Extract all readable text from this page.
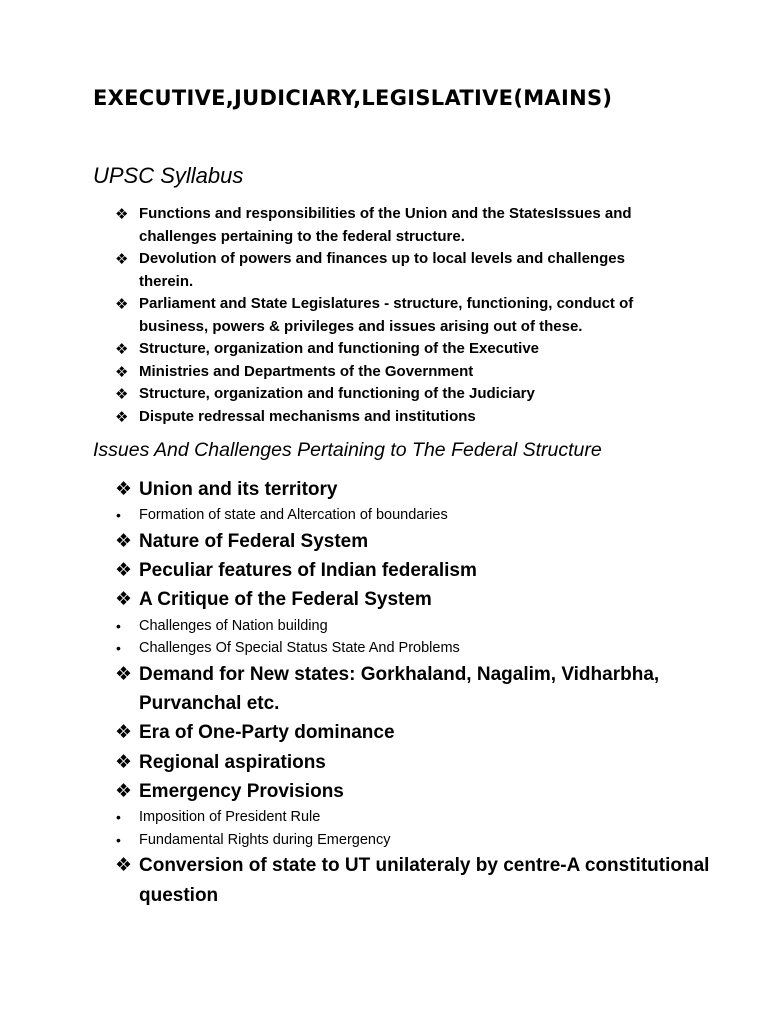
EXECUTIVE,JUDICIARY,LEGISLATIVE(MAINS)
UPSC Syllabus
❖ Functions and responsibilities of the Union and the StatesIssues and challenges pertaining to the federal structure.
❖ Devolution of powers and finances up to local levels and challenges therein.
❖ Parliament and State Legislatures - structure, functioning, conduct of business, powers & privileges and issues arising out of these.
❖ Structure, organization and functioning of the Executive
❖ Ministries and Departments of the Government
❖ Structure, organization and functioning of the Judiciary
❖ Dispute redressal mechanisms and institutions
Issues And Challenges Pertaining to The Federal Structure
❖ Union and its territory
• Formation of state and Altercation of boundaries
❖ Nature of Federal System
❖ Peculiar features of Indian federalism
❖ A Critique of the Federal System
• Challenges of Nation building
• Challenges Of Special Status State And Problems
❖ Demand for New states: Gorkhaland, Nagalim, Vidharbha, Purvanchal etc.
❖ Era of One-Party dominance
❖ Regional aspirations
❖ Emergency Provisions
• Imposition of President Rule
• Fundamental Rights during Emergency
❖ Conversion of state to UT unilateraly by centre-A constitutional question
